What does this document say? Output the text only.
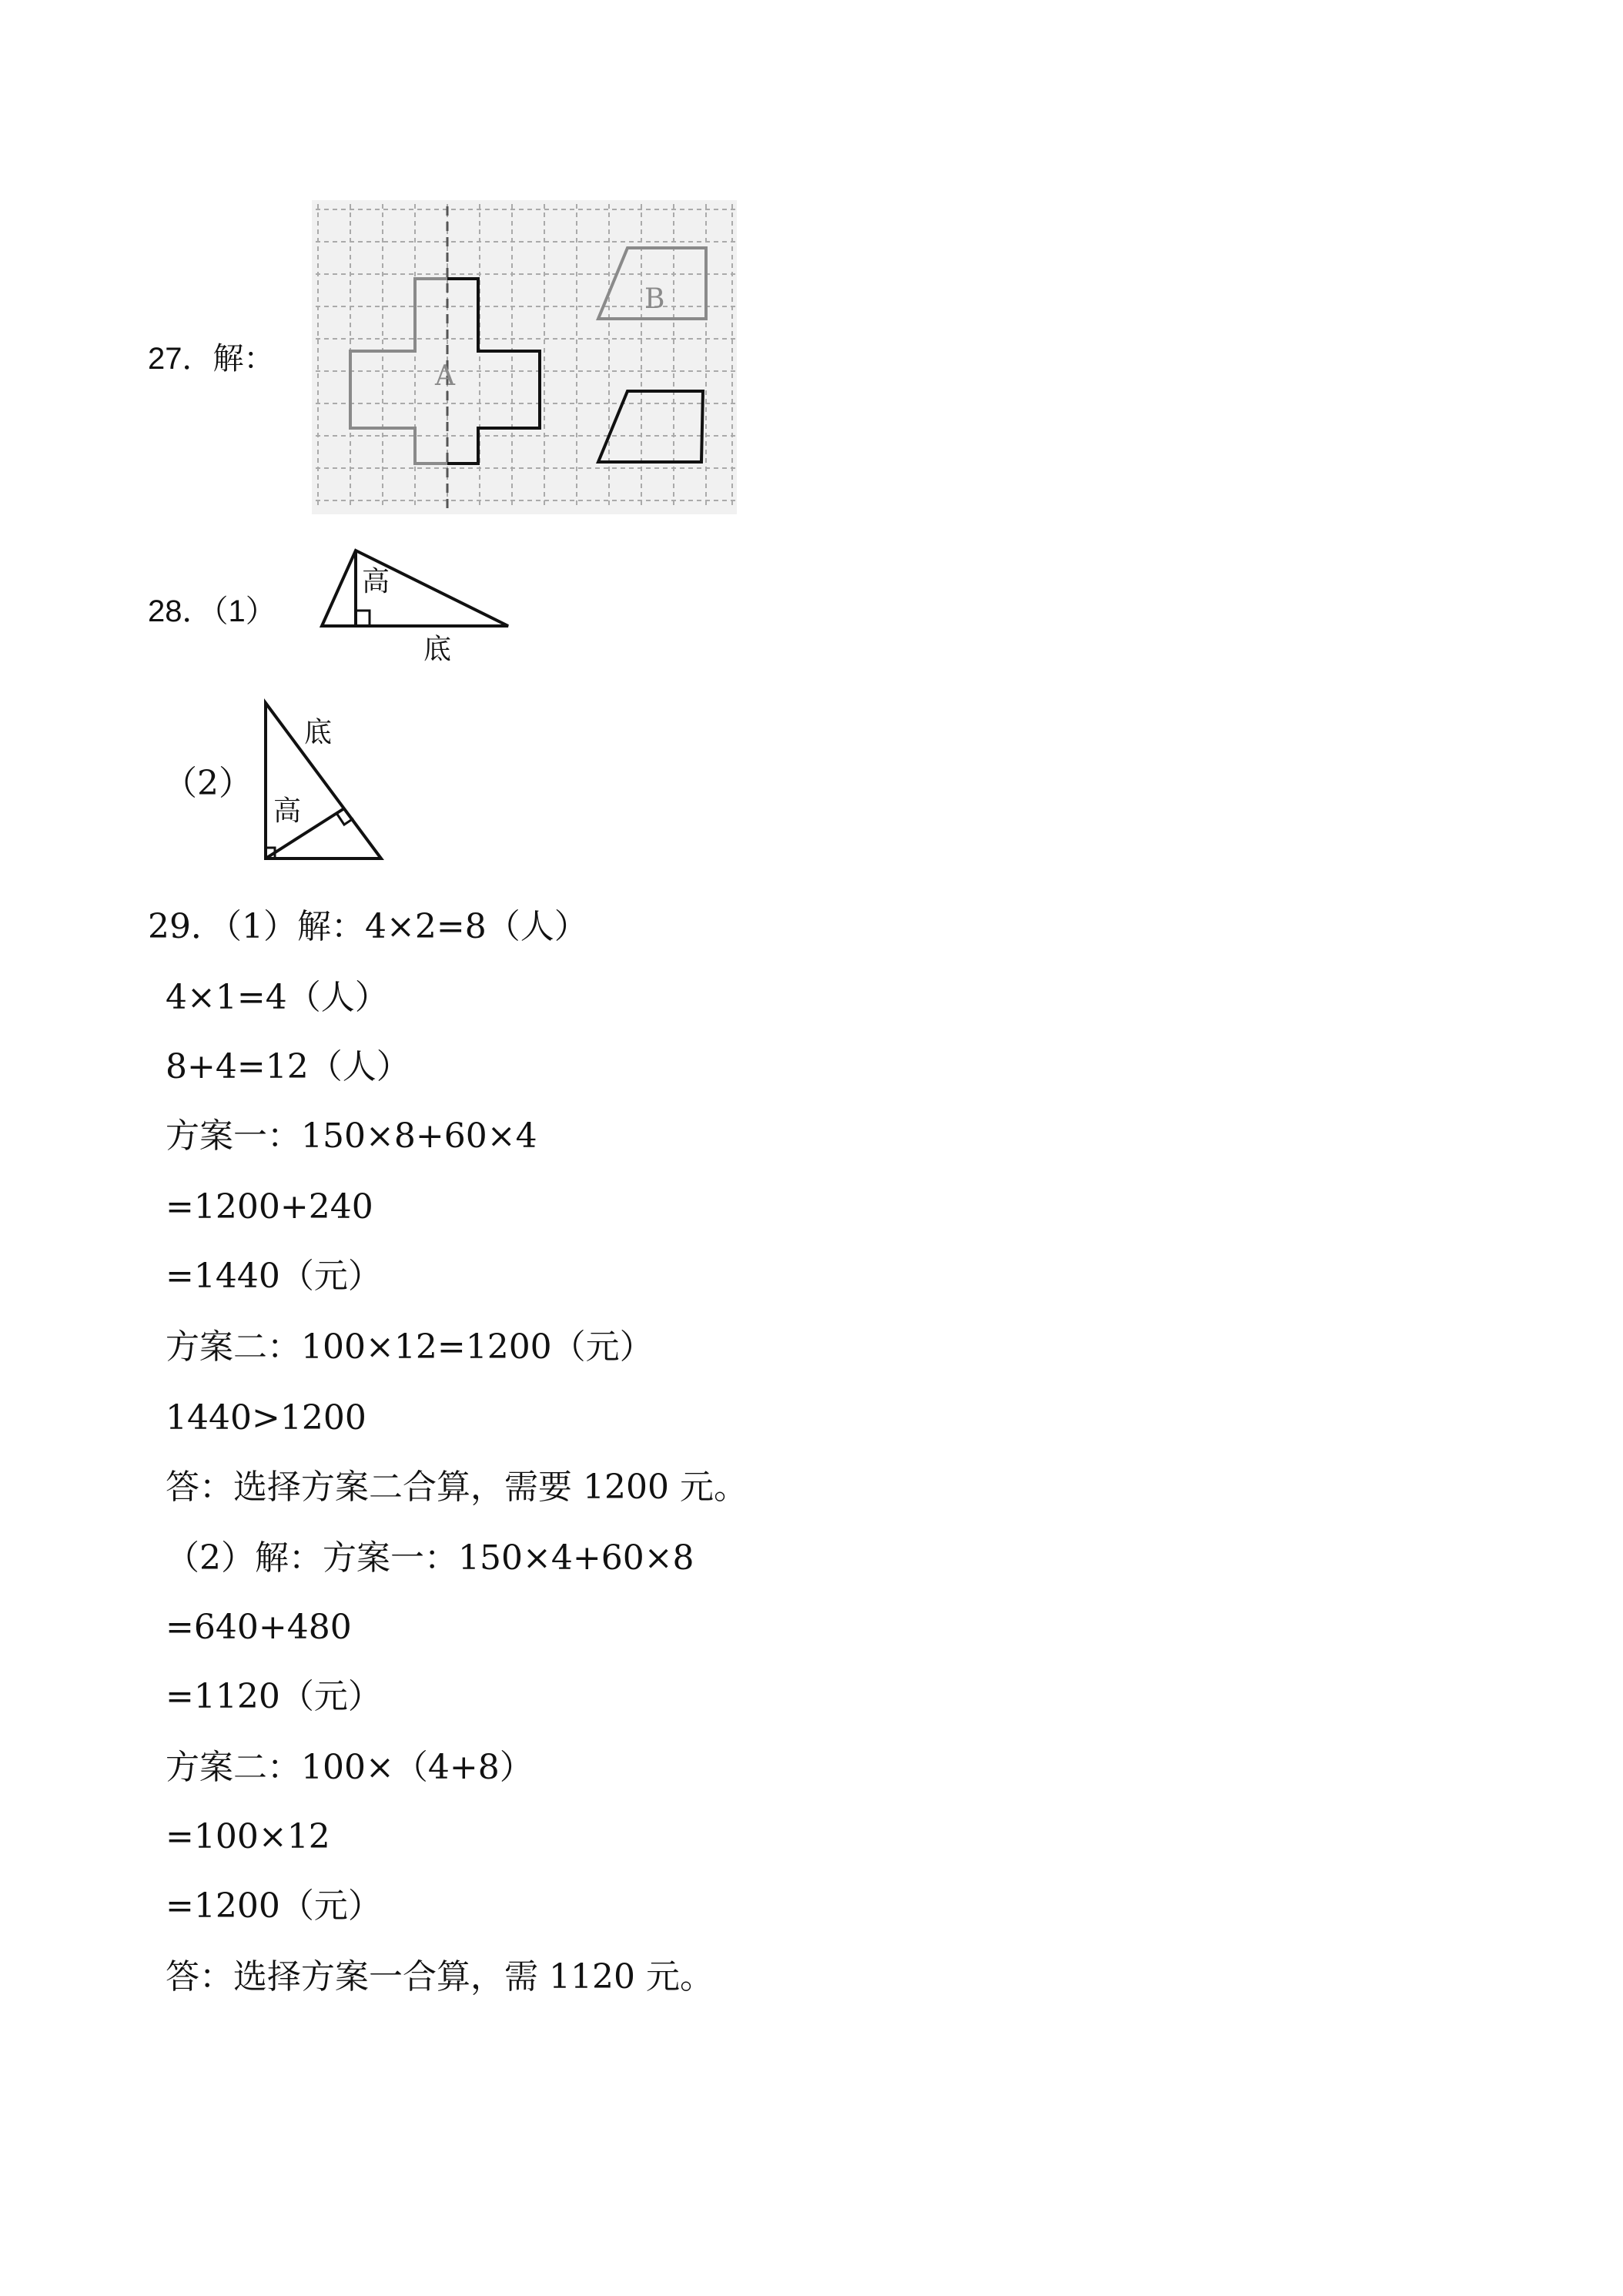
27．解：
A
B
28．（1）
高
底
（2）
底
高
29．（1）解：4×2=8（人）
4×1=4（人）
8+4=12（人）
方案一：150×8+60×4
=1200+240
=1440（元）
方案二：100×12=1200（元）
1440>1200
答：选择方案二合算，需要 1200 元。
（2）解：方案一：150×4+60×8
=640+480
=1120（元）
方案二：100×（4+8）
=100×12
=1200（元）
答：选择方案一合算，需 1120 元。
